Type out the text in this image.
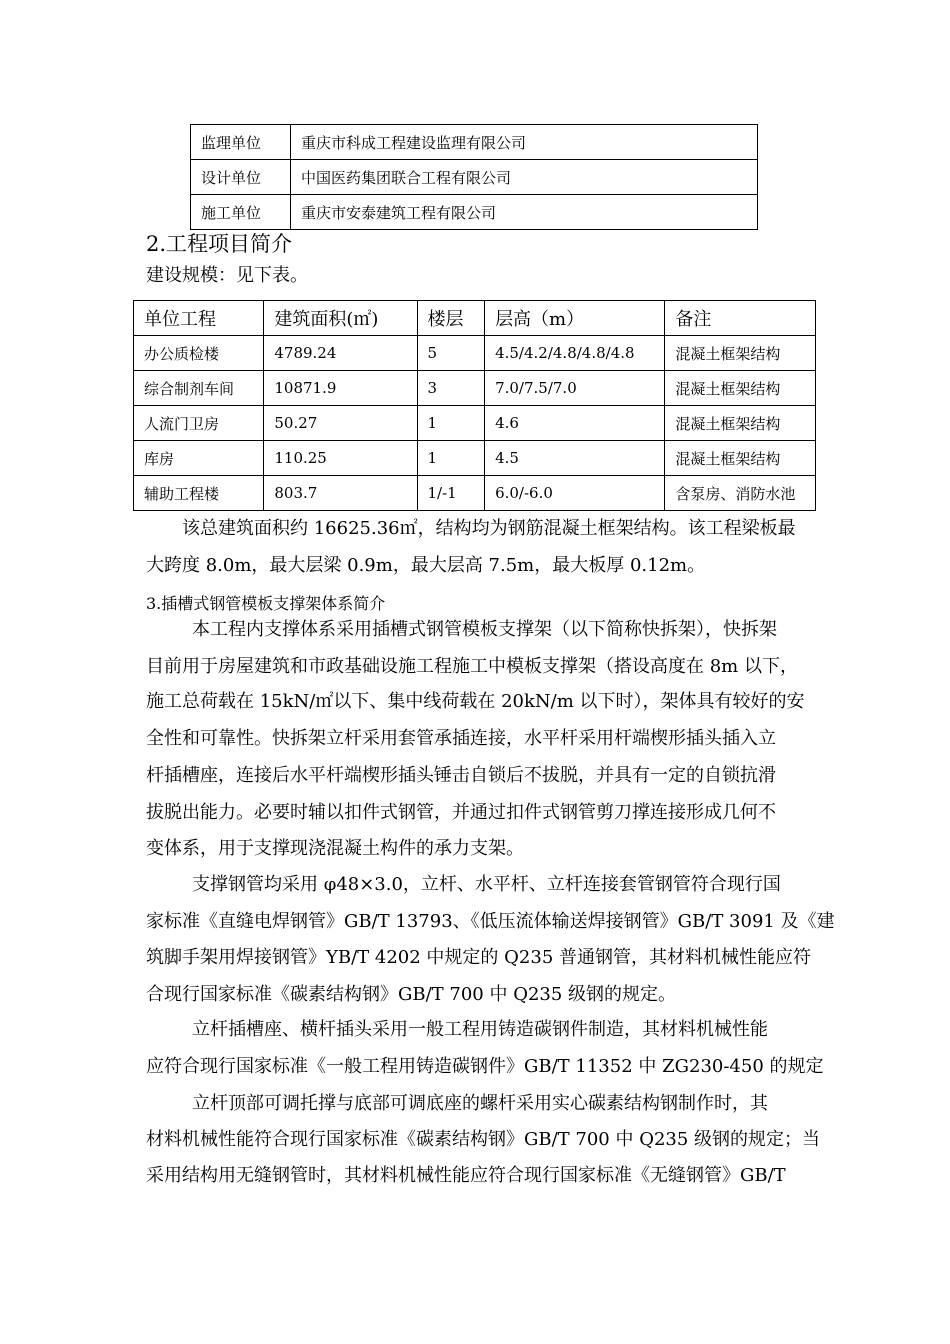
监理单位	重庆市科成工程建设监理有限公司
设计单位	中国医药集团联合工程有限公司
施工单位	重庆市安泰建筑工程有限公司
2.工程项目简介
建设规模：见下表。
单位工程	建筑面积(㎡)	楼层	层高（m）	备注
办公质检楼	4789.24	5	4.5/4.2/4.8/4.8/4.8	混凝土框架结构
综合制剂车间	10871.9	3	7.0/7.5/7.0	混凝土框架结构
人流门卫房	50.27	1	4.6	混凝土框架结构
库房	110.25	1	4.5	混凝土框架结构
辅助工程楼	803.7	1/-1	6.0/-6.0	含泵房、消防水池
该总建筑面积约 16625.36㎡，结构均为钢筋混凝土框架结构。该工程梁板最
大跨度 8.0m，最大层梁 0.9m，最大层高 7.5m，最大板厚 0.12m。
3.插槽式钢管模板支撑架体系简介
本工程内支撑体系采用插槽式钢管模板支撑架（以下简称快拆架），快拆架
目前用于房屋建筑和市政基础设施工程施工中模板支撑架（搭设高度在 8m 以下，
施工总荷载在 15kN/㎡以下、集中线荷载在 20kN/m 以下时），架体具有较好的安
全性和可靠性。快拆架立杆采用套管承插连接，水平杆采用杆端楔形插头插入立
杆插槽座，连接后水平杆端楔形插头锤击自锁后不拔脱，并具有一定的自锁抗滑
拔脱出能力。必要时辅以扣件式钢管，并通过扣件式钢管剪刀撑连接形成几何不
变体系，用于支撑现浇混凝土构件的承力支架。
支撑钢管均采用 φ48×3.0，立杆、水平杆、立杆连接套管钢管符合现行国
家标准《直缝电焊钢管》GB/T 13793、《低压流体输送焊接钢管》GB/T 3091 及《建
筑脚手架用焊接钢管》YB/T 4202 中规定的 Q235 普通钢管，其材料机械性能应符
合现行国家标准《碳素结构钢》GB/T 700 中 Q235 级钢的规定。
立杆插槽座、横杆插头采用一般工程用铸造碳钢件制造，其材料机械性能
应符合现行国家标准《一般工程用铸造碳钢件》GB/T 11352 中 ZG230-450 的规定
立杆顶部可调托撑与底部可调底座的螺杆采用实心碳素结构钢制作时，其
材料机械性能符合现行国家标准《碳素结构钢》GB/T 700 中 Q235 级钢的规定；当
采用结构用无缝钢管时，其材料机械性能应符合现行国家标准《无缝钢管》GB/T
